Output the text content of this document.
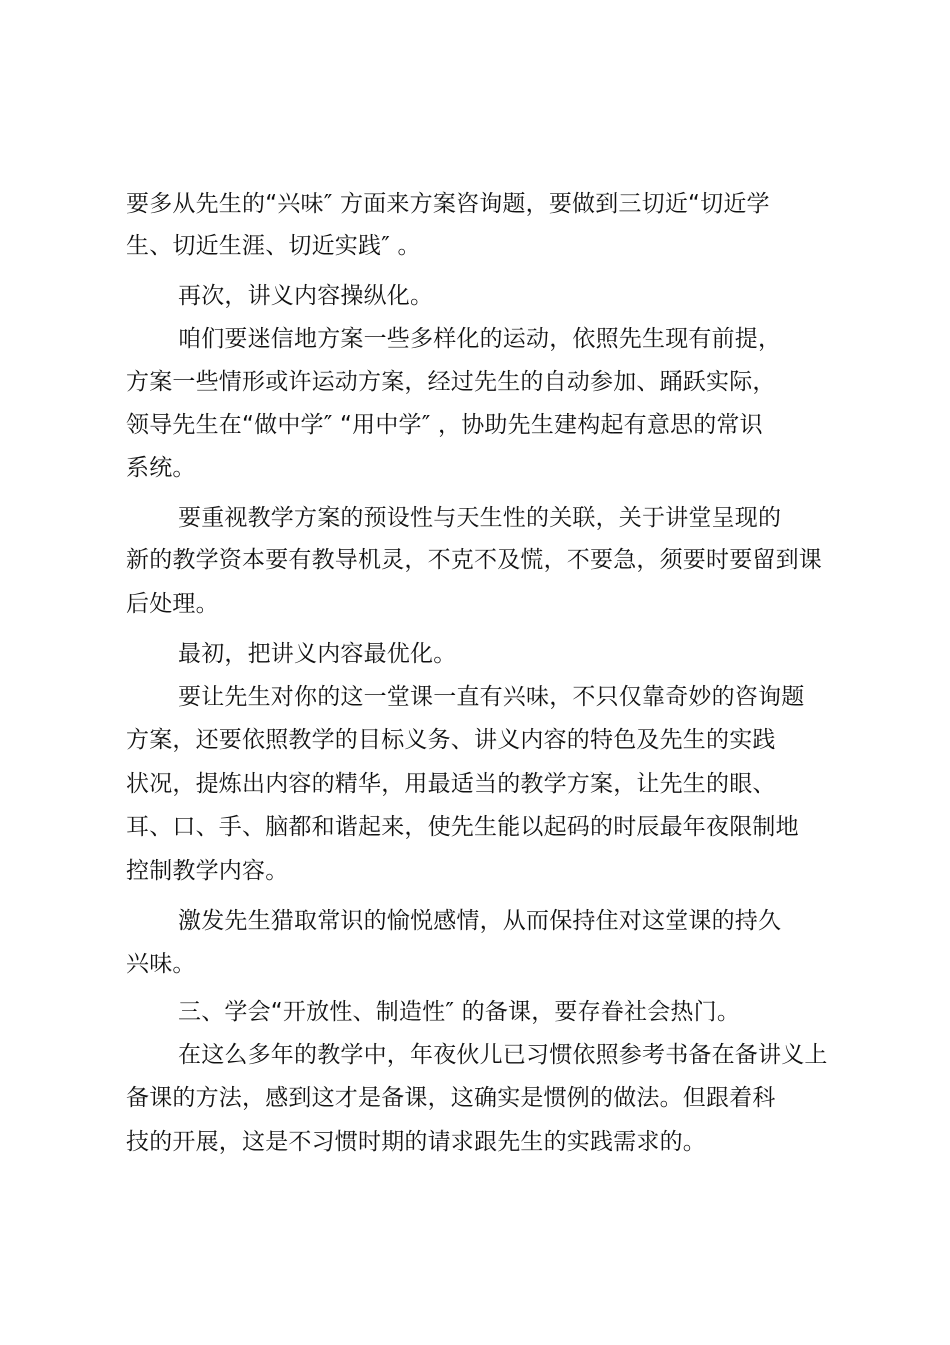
要多从先生的“兴味″ 方面来方案咨询题，要做到三切近“切近学
生、切近生涯、切近实践″ 。
再次，讲义内容操纵化。
咱们要迷信地方案一些多样化的运动，依照先生现有前提，
方案一些情形或许运动方案，经过先生的自动参加、踊跃实际，
领导先生在“做中学″ “用中学″ ，协助先生建构起有意思的常识
系统。
要重视教学方案的预设性与天生性的关联，关于讲堂呈现的
新的教学资本要有教导机灵，不克不及慌，不要急，须要时要留到课
后处理。
最初，把讲义内容最优化。
要让先生对你的这一堂课一直有兴味，不只仅靠奇妙的咨询题
方案，还要依照教学的目标义务、讲义内容的特色及先生的实践
状况，提炼出内容的精华，用最适当的教学方案，让先生的眼、
耳、口、手、脑都和谐起来，使先生能以起码的时辰最年夜限制地
控制教学内容。
激发先生猎取常识的愉悦感情，从而保持住对这堂课的持久
兴味。
三、学会“开放性、制造性″ 的备课，要存眷社会热门。
在这么多年的教学中，年夜伙儿已习惯依照参考书备在备讲义上
备课的方法，感到这才是备课，这确实是惯例的做法。但跟着科
技的开展，这是不习惯时期的请求跟先生的实践需求的。
